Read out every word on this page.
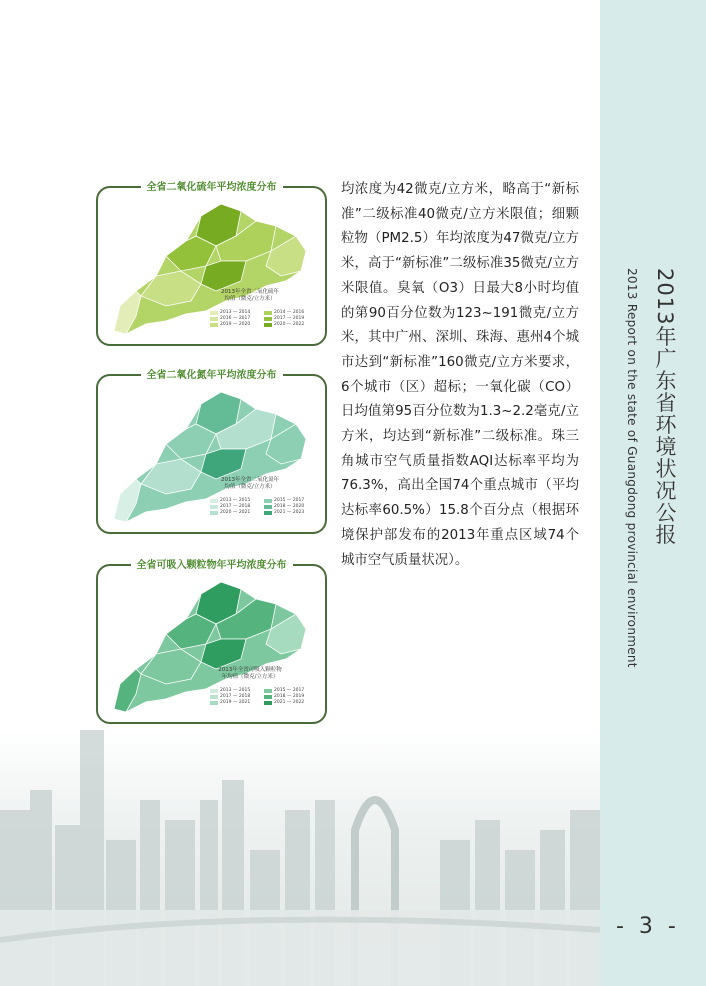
2013年广东省环境状况公报
2013 Report on the state of Guangdong provincial environment
- 3 -
全省二氧化硫年平均浓度分布
2013年全省二氧化硫年
均值（微克/立方米）
2013 — 2014	2014 — 2016
2016 — 2017	2017 — 2019
2019 — 2020	2020 — 2022
全省二氧化氮年平均浓度分布
2013年全省二氧化氮年
均值（微克/立方米）
2013 — 2015	2015 — 2017
2017 — 2018	2018 — 2020
2020 — 2021	2021 — 2023
全省可吸入颗粒物年平均浓度分布
2013年全省可吸入颗粒物
年均值（微克/立方米）
2013 — 2015	2015 — 2017
2017 — 2018	2018 — 2019
2019 — 2021	2021 — 2022

均浓度为42微克/立方米，略高于“新标准”二级标准40微克/立方米限值；细颗粒物（PM2.5）年均浓度为47微克/立方米，高于“新标准”二级标准35微克/立方米限值。臭氧（O3）日最大8小时均值的第90百分位数为123~191微克/立方米，其中广州、深圳、珠海、惠州4个城市达到“新标准”160微克/立方米要求，6个城市（区）超标；一氧化碳（CO）日均值第95百分位数为1.3~2.2毫克/立方米，均达到“新标准”二级标准。珠三角城市空气质量指数AQI达标率平均为76.3%，高出全国74个重点城市（平均达标率60.5%）15.8个百分点（根据环境保护部发布的2013年重点区域74个城市空气质量状况）。
